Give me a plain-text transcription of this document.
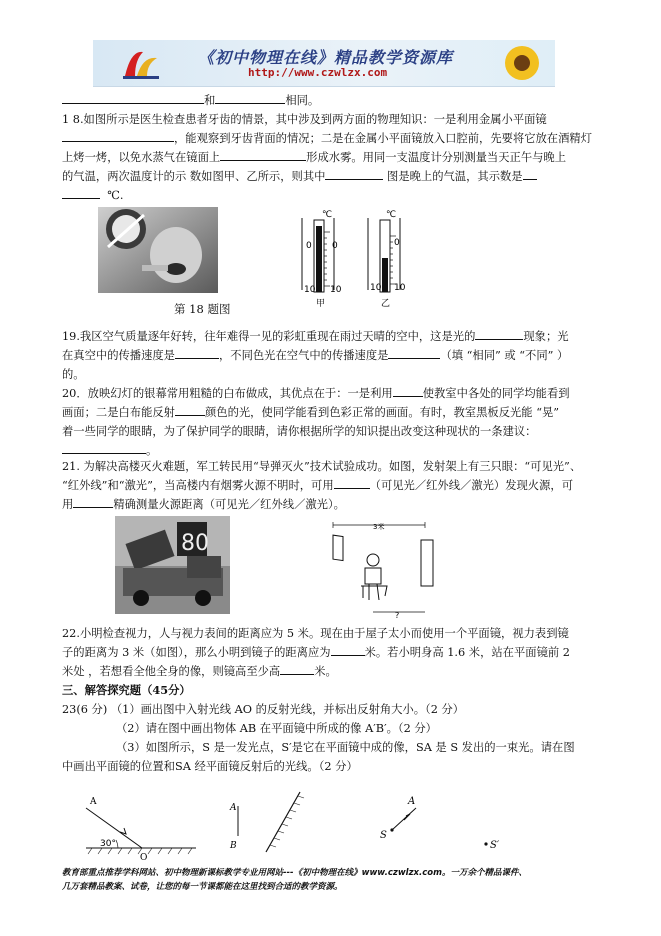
《初中物理在线》精品教学资源库
http://www.czwlzx.com
和	相同。
1 8.如图所示是医生检查患者牙齿的情景，其中涉及到两方面的物理知识：一是利用金属小平面镜
，能观察到牙齿背面的情况；二是在金属小平面镜放入口腔前，先要将它放在酒精灯
上烤一烤，以免水蒸气在镜面上	形成水雾。用同一支温度计分别测量当天正午与晚上
的气温，两次温度计的示 数如图甲、乙所示，则其中	图是晚上的气温，其示数是
℃.
第 18 题图
℃	℃
0 0
10 10
0
10 10
甲	乙
19.我区空气质量逐年好转，往年难得一见的彩虹重现在雨过天晴的空中，这是光的	现象；光
在真空中的传播速度是	，不同色光在空气中的传播速度是	（填 “相同” 或 “不同” ）
的。
20．放映幻灯的银幕常用粗糙的白布做成，其优点在于：一是利用	使教室中各处的同学均能看到
画面；二是白布能反射	颜色的光，使同学能看到色彩正常的画面。有时，教室黑板反光能 “晃”
着一些同学的眼睛，为了保护同学的眼睛，请你根据所学的知识提出改变这种现状的一条建议：
。
21. 为解决高楼灭火难题，军工转民用“导弹灭火”技术试验成功。如图，发射架上有三只眼：“可见光”、
“红外线”和“激光”，当高楼内有烟雾火源不明时，可用	（可见光／红外线／激光）发现火源，可
用	精确测量火源距离（可见光／红外线／激光）。
80
3米
?
22.小明检查视力，人与视力表间的距离应为 5 米。现在由于屋子太小而使用一个平面镜，视力表到镜
子的距离为 3 米（如图），那么小明到镜子的距离应为	米。若小明身高 1.6 米，站在平面镜前 2
米处 ，若想看全他全身的像，则镜高至少高	米。
三、解答探究题（45分）
23(6 分) （1）画出图中入射光线 AO 的反射光线，并标出反射角大小。（2 分）
（2）请在图中画出物体 AB 在平面镜中所成的像 A′B′。（2 分）
（3）如图所示，S 是一发光点，S′是它在平面镜中成的像，SA 是 S 发出的一束光。请在图
中画出平面镜的位置和SA 经平面镜反射后的光线。（2 分）
30°
A
O
A
B
A
S
S′
教育部重点推荐学科网站、初中物理新课标教学专业用网站---《初中物理在线》www.czwlzx.com。一万余个精品课件、
几万套精品教案、试卷，让您的每一节课都能在这里找到合适的教学资源。
